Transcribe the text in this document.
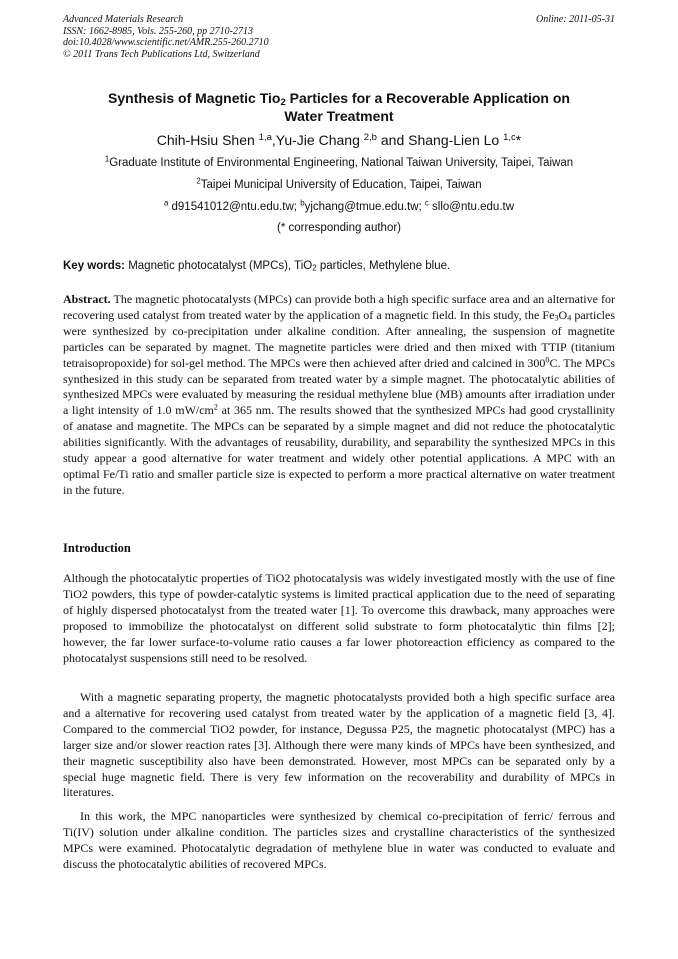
Advanced Materials Research
ISSN: 1662-8985, Vols. 255-260, pp 2710-2713
doi:10.4028/www.scientific.net/AMR.255-260.2710
© 2011 Trans Tech Publications Ltd, Switzerland
Online: 2011-05-31
Synthesis of Magnetic Tio$_2$ Particles for a Recoverable Application on
Water Treatment
Chih-Hsiu Shen $^{1,a}$,Yu-Jie Chang $^{2,b}$ and Shang-Lien Lo $^{1,c}$*
$^1$Graduate Institute of Environmental Engineering, National Taiwan University, Taipei, Taiwan
$^2$Taipei Municipal University of Education, Taipei, Taiwan
$^a$ d91541012@ntu.edu.tw; $^b$yjchang@tmue.edu.tw; $^c$ sllo@ntu.edu.tw
(* corresponding author)
Key words: Magnetic photocatalyst (MPCs), TiO$_2$ particles, Methylene blue.
Abstract. The magnetic photocatalysts (MPCs) can provide both a high specific surface area and an alternative for recovering used catalyst from treated water by the application of a magnetic field. In this study, the $Fe_3O_4$ particles were synthesized by co-precipitation under alkaline condition. After annealing, the suspension of magnetite particles can be separated by magnet. The magnetite particles were dried and then mixed with TTIP (titanium tetraisopropoxide) for sol-gel method. The MPCs were then achieved after dried and calcined in $300^0C$. The MPCs synthesized in this study can be separated from treated water by a simple magnet. The photocatalytic abilities of synthesized MPCs were evaluated by measuring the residual methylene blue (MB) amounts after irradiation under a light intensity of 1.0 $mW/cm^2$ at 365 nm. The results showed that the synthesized MPCs had good crystallinity of anatase and magnetite. The MPCs can be separated by a simple magnet and did not reduce the photocatalytic abilities significantly. With the advantages of reusability, durability, and separability the synthesized MPCs in this study appear a good alternative for water treatment and widely other potential applications. A MPC with an optimal Fe/Ti ratio and smaller particle size is expected to perform a more practical alternative on water treatment in the future.
Introduction
Although the photocatalytic properties of TiO2 photocatalysis was widely investigated mostly with the use of fine TiO2 powders, this type of powder-catalytic systems is limited practical application due to the need of separating of highly dispersed photocatalyst from the treated water [1]. To overcome this drawback, many approaches were proposed to immobilize the photocatalyst on different solid substrate to form photocatalytic thin films [2]; however, the far lower surface-to-volume ratio causes a far lower photoreaction efficiency as compared to the photocatalyst suspensions still need to be resolved.
With a magnetic separating property, the magnetic photocatalysts provided both a high specific surface area and a alternative for recovering used catalyst from treated water by the application of a magnetic field [3, 4]. Compared to the commercial TiO2 powder, for instance, Degussa P25, the magnetic photocatalyst (MPC) has a larger size and/or slower reaction rates [3]. Although there were many kinds of MPCs have been synthesized, and their magnetic susceptibility also have been demonstrated. However, most MPCs can be separated only by a special huge magnetic field. There is very few information on the recoverability and durability of MPCs in literatures.
In this work, the MPC nanoparticles were synthesized by chemical co-precipitation of ferric/ ferrous and Ti(IV) solution under alkaline condition. The particles sizes and crystalline characteristics of the synthesized MPCs were examined. Photocatalytic degradation of methylene blue in water was conducted to evaluate and discuss the photocatalytic abilities of recovered MPCs.
